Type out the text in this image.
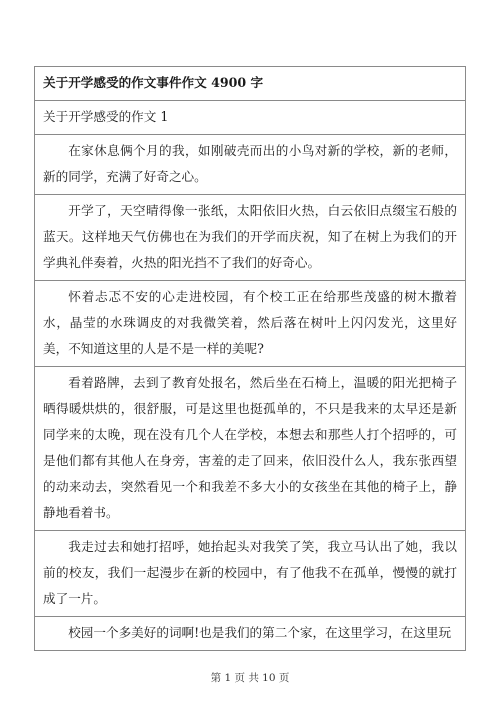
关于开学感受的作文事件作文 4900 字
关于开学感受的作文 1

在家休息俩个月的我，如刚破壳而出的小鸟对新的学校，新的老师，新的同学，充满了好奇之心。

开学了，天空晴得像一张纸，太阳依旧火热，白云依旧点缀宝石般的蓝天。这样地天气仿佛也在为我们的开学而庆祝，知了在树上为我们的开学典礼伴奏着，火热的阳光挡不了我们的好奇心。

怀着忐忑不安的心走进校园，有个校工正在给那些茂盛的树木撒着水，晶莹的水珠调皮的对我微笑着，然后落在树叶上闪闪发光，这里好美，不知道这里的人是不是一样的美呢?

看着路牌，去到了教育处报名，然后坐在石椅上，温暖的阳光把椅子晒得暖烘烘的，很舒服，可是这里也挺孤单的，不只是我来的太早还是新同学来的太晚，现在没有几个人在学校，本想去和那些人打个招呼的，可是他们都有其他人在身旁，害羞的走了回来，依旧没什么人，我东张西望的动来动去，突然看见一个和我差不多大小的女孩坐在其他的椅子上，静静地看着书。

我走过去和她打招呼，她抬起头对我笑了笑，我立马认出了她，我以前的校友，我们一起漫步在新的校园中，有了他我不在孤单，慢慢的就打成了一片。

校园一个多美好的词啊!也是我们的第二个家，在这里学习，在这里玩

第 1 页 共 10 页
